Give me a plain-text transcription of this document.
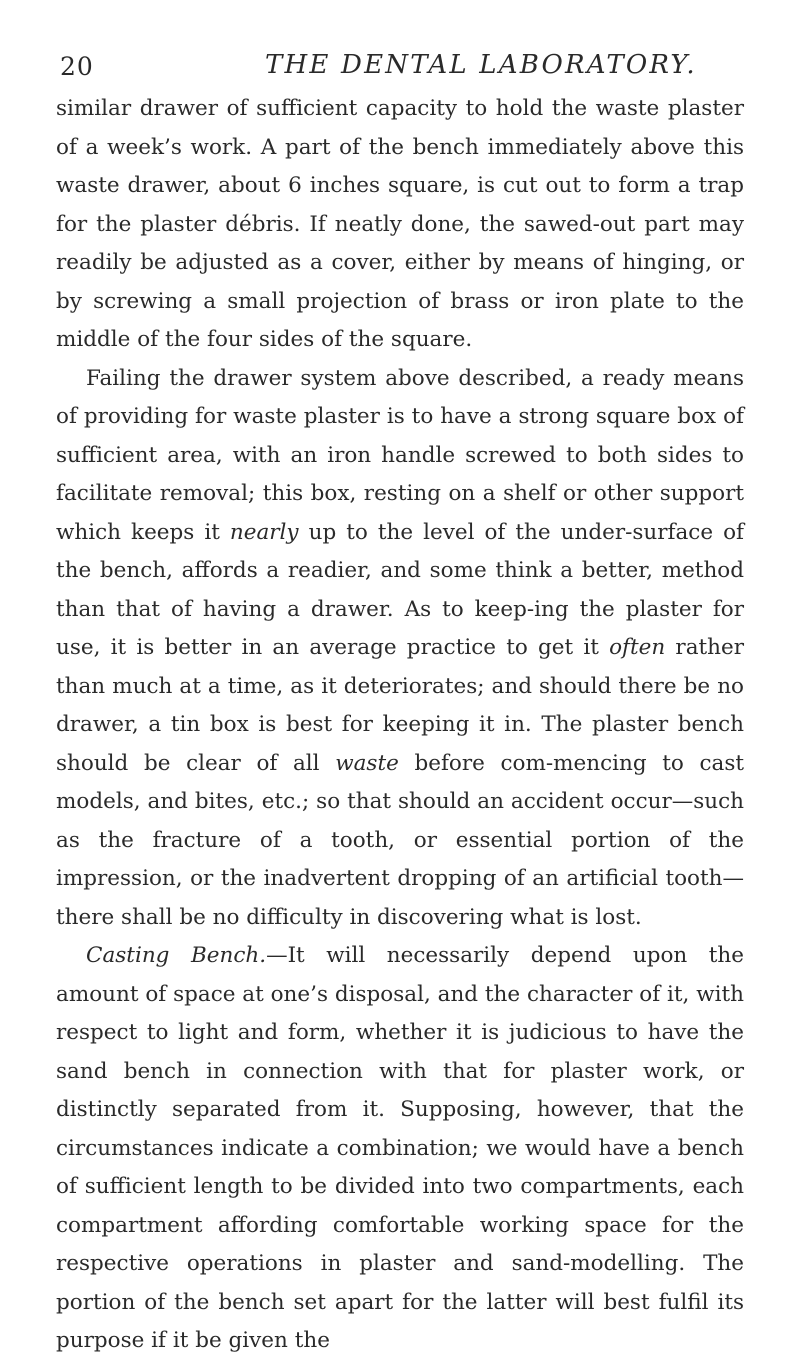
20	THE DENTAL LABORATORY.

similar drawer of sufficient capacity to hold the waste plaster of a week’s work. A part of the bench immediately above this waste drawer, about 6 inches square, is cut out to form a trap for the plaster débris. If neatly done, the sawed-out part may readily be adjusted as a cover, either by means of hinging, or by screwing a small projection of brass or iron plate to the middle of the four sides of the square.

Failing the drawer system above described, a ready means of providing for waste plaster is to have a strong square box of sufficient area, with an iron handle screwed to both sides to facilitate removal; this box, resting on a shelf or other support which keeps it nearly up to the level of the under-surface of the bench, affords a readier, and some think a better, method than that of having a drawer. As to keep-ing the plaster for use, it is better in an average practice to get it often rather than much at a time, as it deteriorates; and should there be no drawer, a tin box is best for keeping it in. The plaster bench should be clear of all waste before com-mencing to cast models, and bites, etc.; so that should an accident occur—such as the fracture of a tooth, or essential portion of the impression, or the inadvertent dropping of an artificial tooth—there shall be no difficulty in discovering what is lost.

Casting Bench.—It will necessarily depend upon the amount of space at one’s disposal, and the character of it, with respect to light and form, whether it is judicious to have the sand bench in connection with that for plaster work, or distinctly separated from it. Supposing, however, that the circumstances indicate a combination; we would have a bench of sufficient length to be divided into two compartments, each compartment affording comfortable working space for the respective operations in plaster and sand-modelling. The portion of the bench set apart for the latter will best fulfil its purpose if it be given the
